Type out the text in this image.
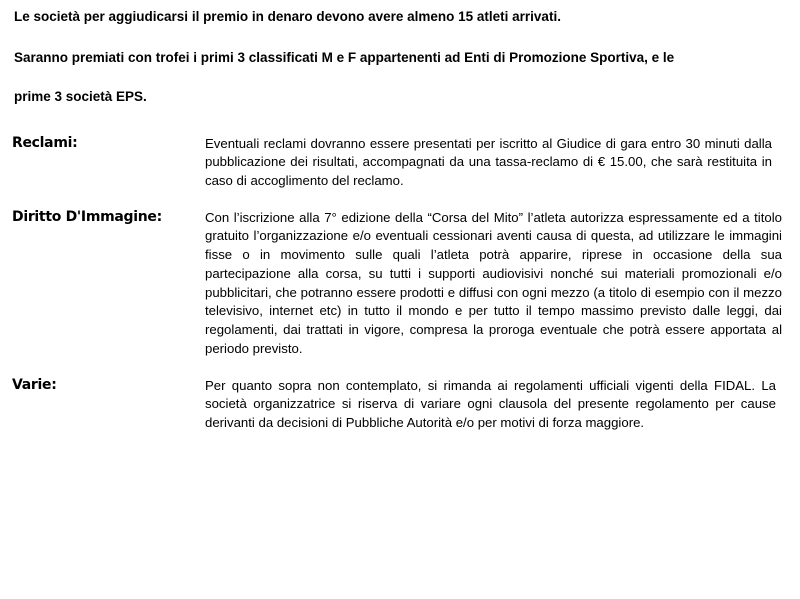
Le società per aggiudicarsi il premio in denaro devono avere almeno 15 atleti arrivati.

Saranno premiati con trofei i primi 3 classificati M e F appartenenti ad Enti di Promozione Sportiva, e le

prime 3 società EPS.

Reclami:	Eventuali reclami dovranno essere presentati per iscritto al Giudice di gara entro 30 minuti dalla pubblicazione dei risultati, accompagnati da una tassa-reclamo di € 15.00, che sarà restituita in caso di accoglimento del reclamo.
Diritto D'Immagine:	Con l’iscrizione alla 7° edizione della “Corsa del Mito” l’atleta autorizza espressamente ed a titolo gratuito l’organizzazione e/o eventuali cessionari aventi causa di questa, ad utilizzare le immagini fisse o in movimento sulle quali l’atleta potrà apparire, riprese in occasione della sua partecipazione alla corsa, su tutti i supporti audiovisivi nonché sui materiali promozionali e/o pubblicitari, che potranno essere prodotti e diffusi con ogni mezzo (a titolo di esempio con il mezzo televisivo, internet etc) in tutto il mondo e per tutto il tempo massimo previsto dalle leggi, dai regolamenti, dai trattati in vigore, compresa la proroga eventuale che potrà essere apportata al periodo previsto.
Varie:	Per quanto sopra non contemplato, si rimanda ai regolamenti ufficiali vigenti della FIDAL. La società organizzatrice si riserva di variare ogni clausola del presente regolamento per cause derivanti da decisioni di Pubbliche Autorità e/o per motivi di forza maggiore.
